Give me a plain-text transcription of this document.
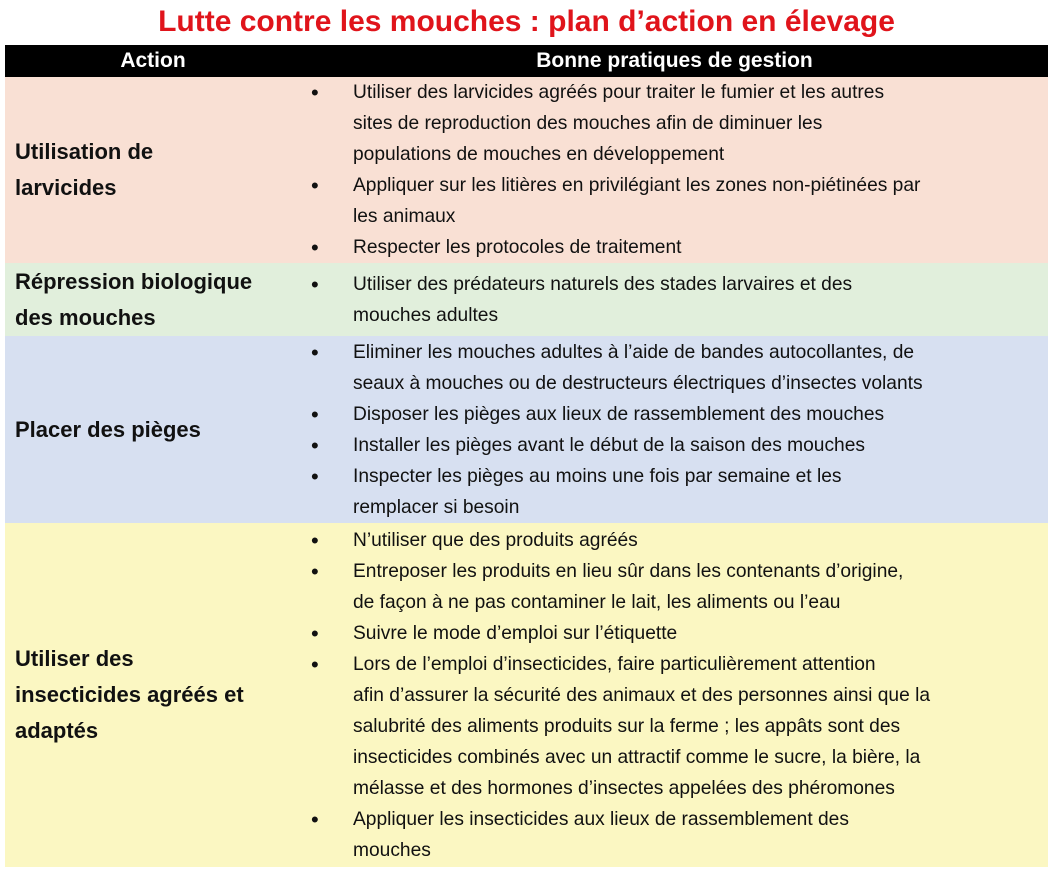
Lutte contre les mouches : plan d’action en élevage
Action	Bonne pratiques de gestion
Utilisation de
larvicides
• Utiliser des larvicides agréés pour traiter le fumier et les autres
sites de reproduction des mouches afin de diminuer les
populations de mouches en développement
• Appliquer sur les litières en privilégiant les zones non-piétinées par
les animaux
• Respecter les protocoles de traitement
Répression biologique
des mouches
• Utiliser des prédateurs naturels des stades larvaires et des
mouches adultes
Placer des pièges
• Eliminer les mouches adultes à l’aide de bandes autocollantes, de
seaux à mouches ou de destructeurs électriques d’insectes volants
• Disposer les pièges aux lieux de rassemblement des mouches
• Installer les pièges avant le début de la saison des mouches
• Inspecter les pièges au moins une fois par semaine et les
remplacer si besoin
Utiliser des
insecticides agréés et
adaptés
• N’utiliser que des produits agréés
• Entreposer les produits en lieu sûr dans les contenants d’origine,
de façon à ne pas contaminer le lait, les aliments ou l’eau
• Suivre le mode d’emploi sur l’étiquette
• Lors de l’emploi d’insecticides, faire particulièrement attention
afin d’assurer la sécurité des animaux et des personnes ainsi que la
salubrité des aliments produits sur la ferme ; les appâts sont des
insecticides combinés avec un attractif comme le sucre, la bière, la
mélasse et des hormones d’insectes appelées des phéromones
• Appliquer les insecticides aux lieux de rassemblement des
mouches
